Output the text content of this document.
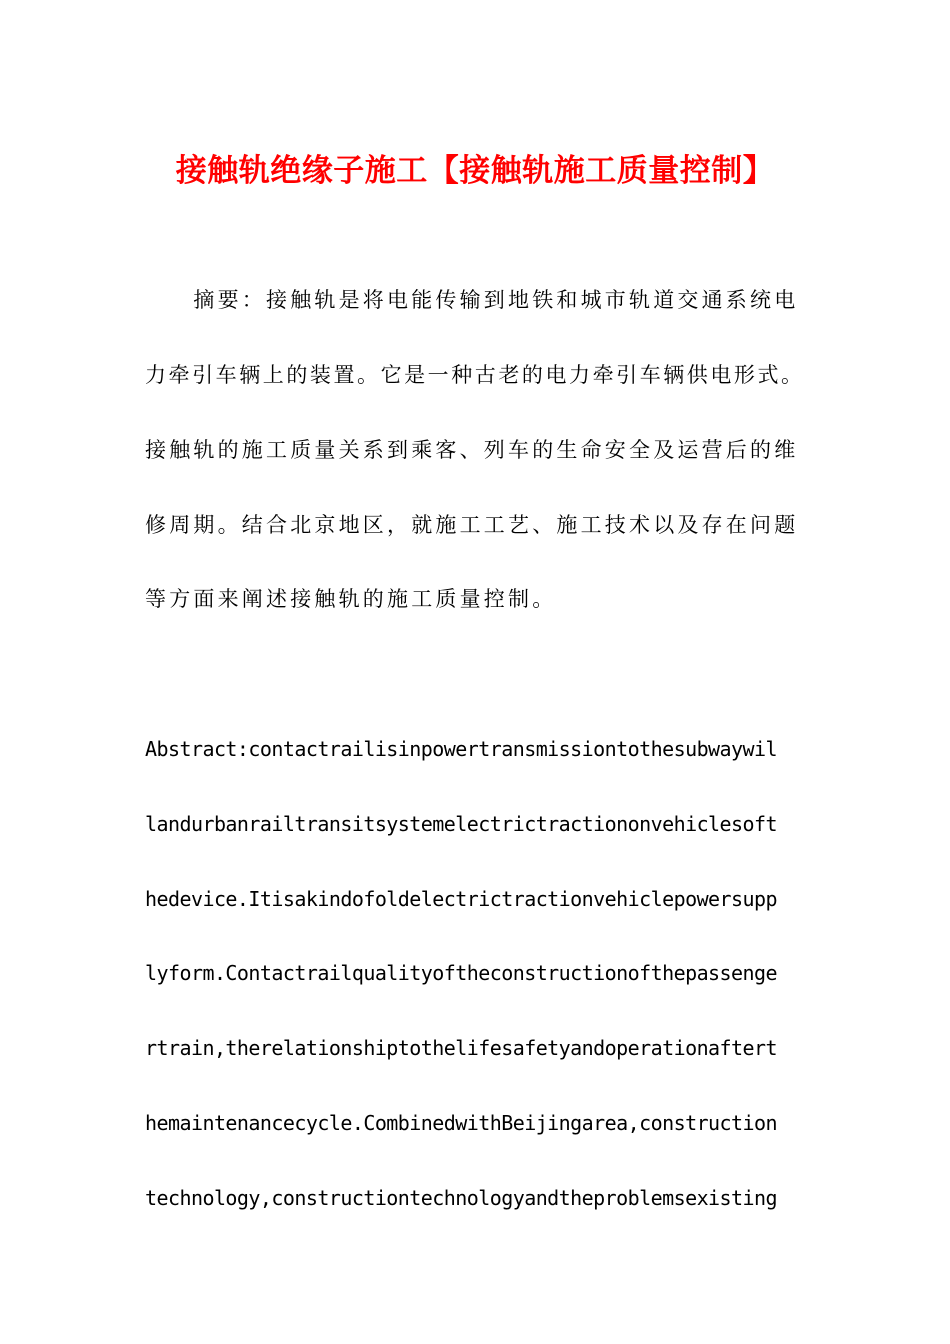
接触轨绝缘子施工【接触轨施工质量控制】

　　摘要：接触轨是将电能传输到地铁和城市轨道交通系统电

力牵引车辆上的装置。它是一种古老的电力牵引车辆供电形式。

接触轨的施工质量关系到乘客、列车的生命安全及运营后的维

修周期。结合北京地区，就施工工艺、施工技术以及存在问题

等方面来阐述接触轨的施工质量控制。

Abstract:contactrailisinpowertransmissiontothesubwaywil

landurbanrailtransitsystemelectrictractiononvehiclesoft

hedevice.Itisakindofoldelectrictractionvehiclepowersupp

lyform.Contactrailqualityoftheconstructionofthepassenge

rtrain,therelationshiptothelifesafetyandoperationaftert

hemaintenancecycle.CombinedwithBeijingarea,construction

technology,constructiontechnologyandtheproblemsexisting
